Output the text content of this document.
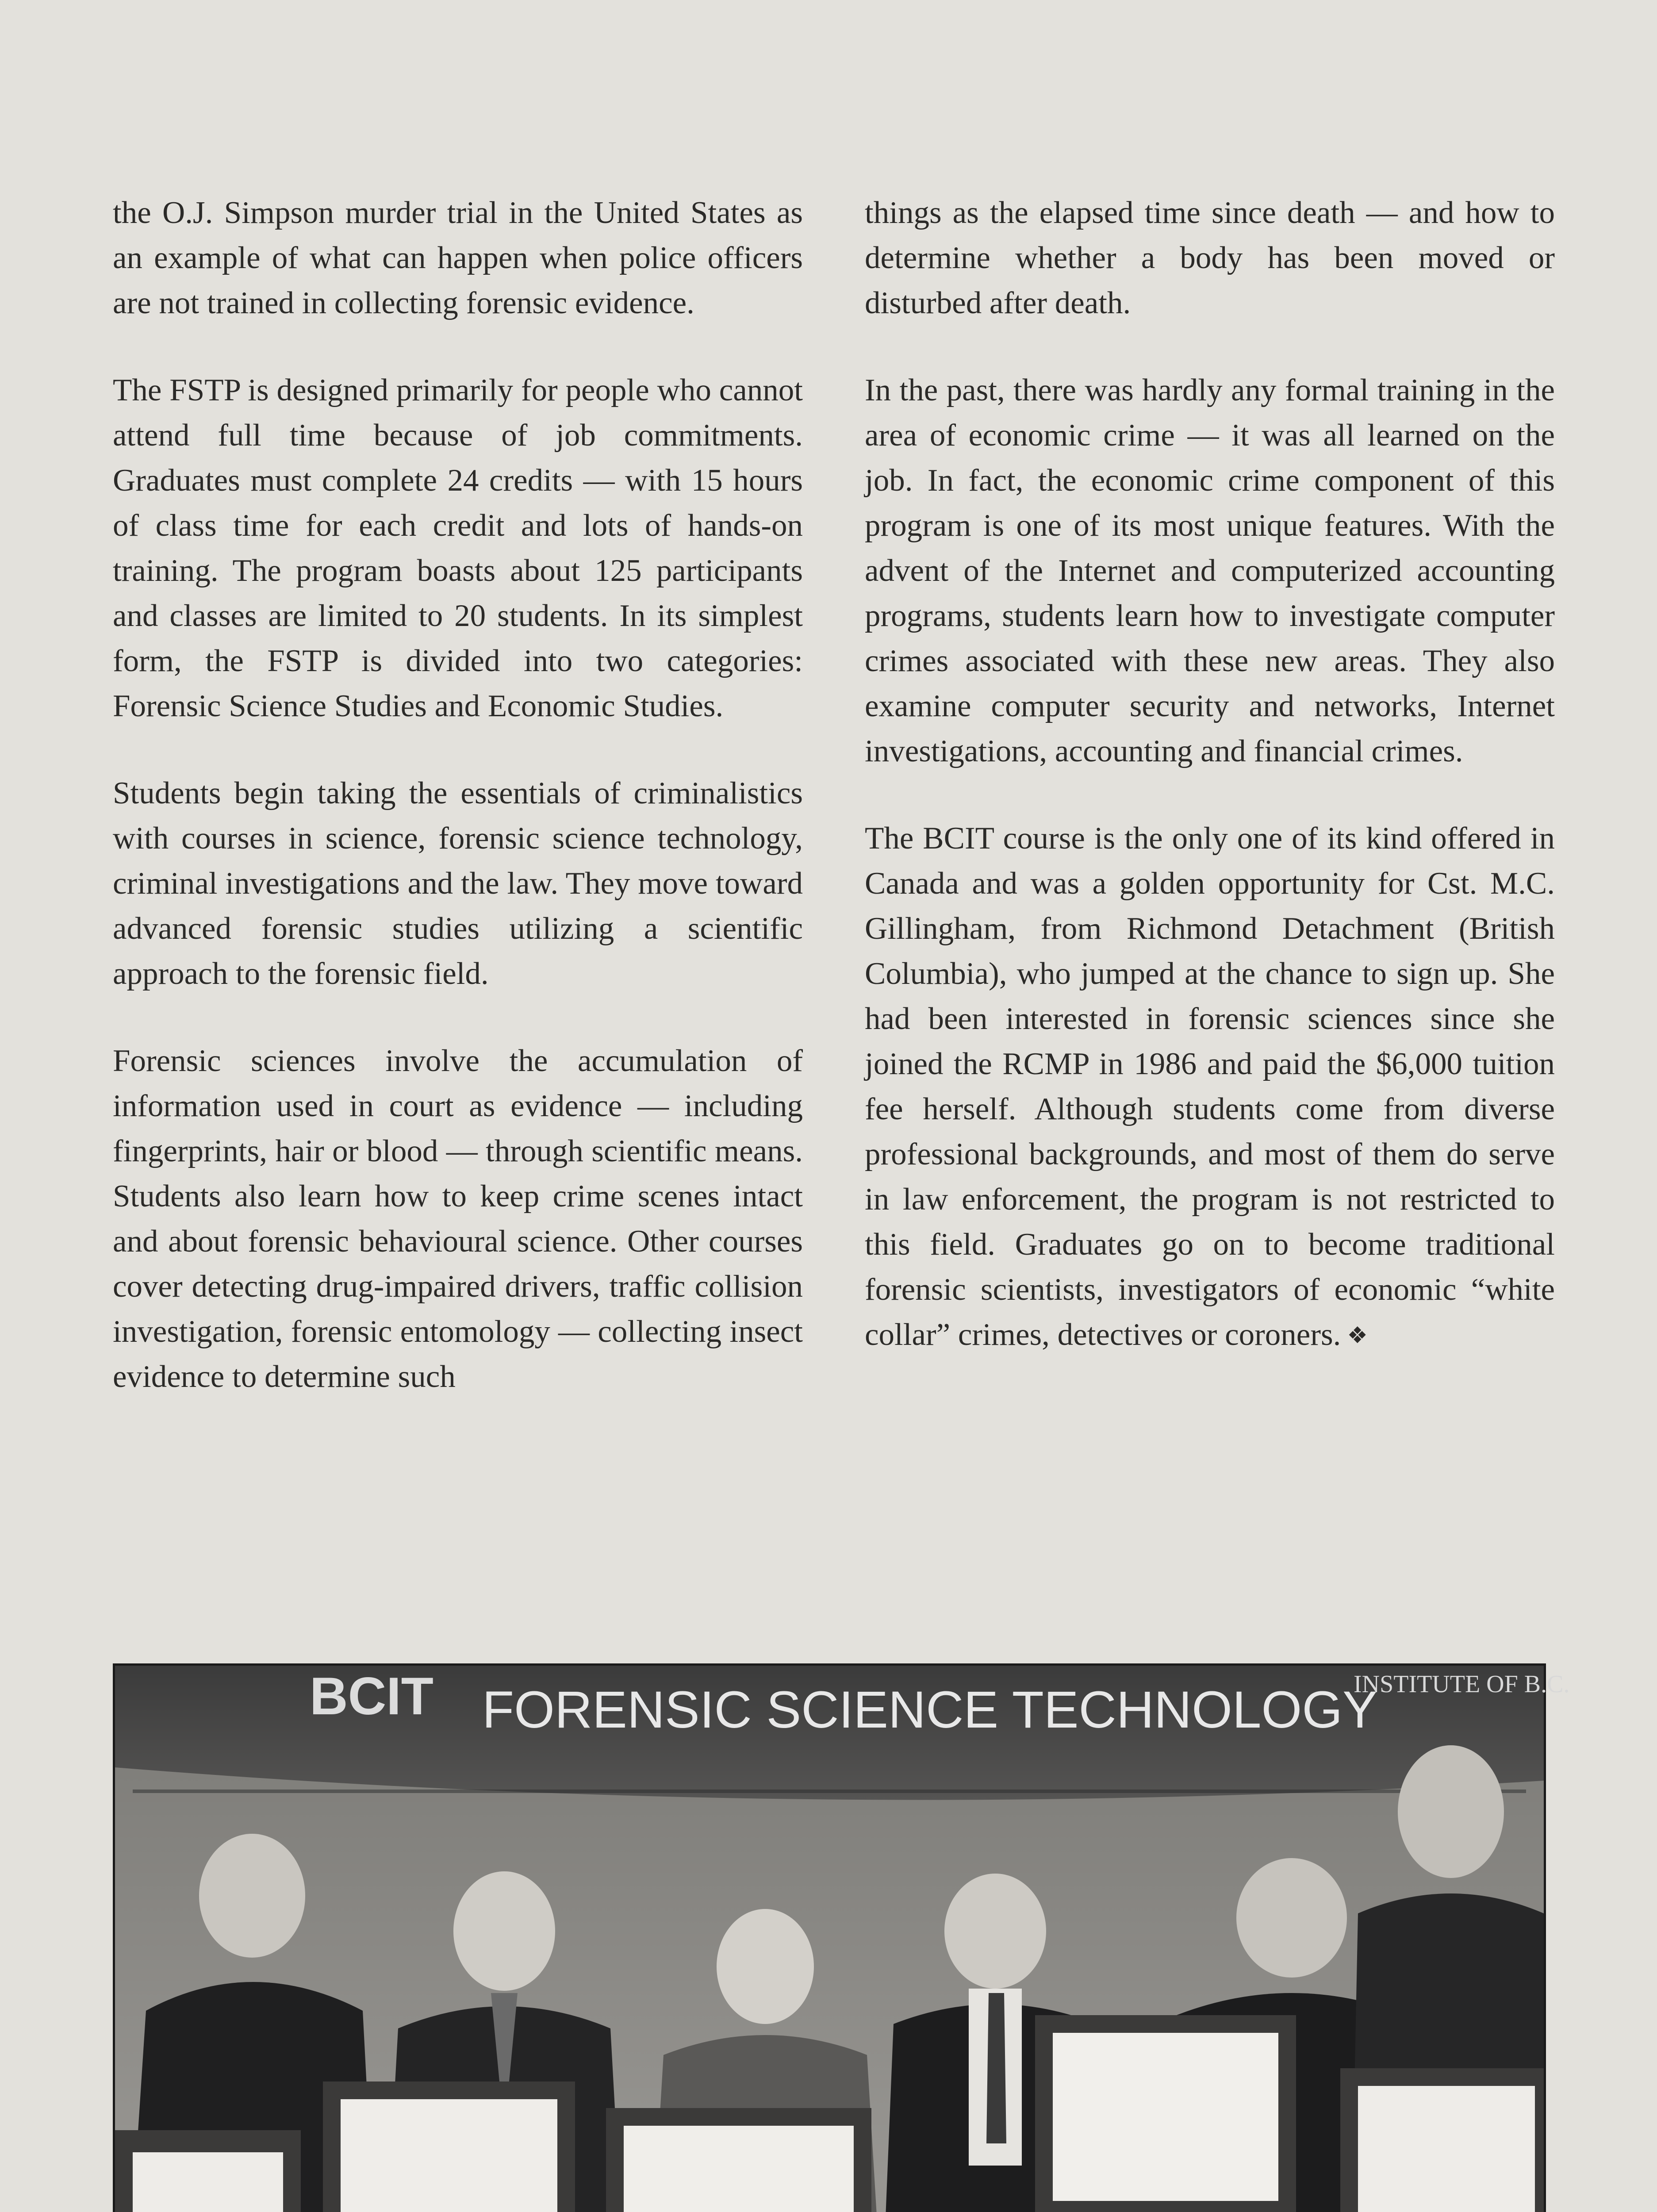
the O.J. Simpson murder trial in the United States as an example of what can happen when police officers are not trained in collecting forensic evidence.

The FSTP is designed primarily for people who cannot attend full time because of job commitments. Graduates must complete 24 credits — with 15 hours of class time for each credit and lots of hands-on training. The program boasts about 125 participants and classes are limited to 20 students. In its simplest form, the FSTP is divided into two categories: Forensic Science Studies and Economic Studies.

Students begin taking the essentials of criminalistics with courses in science, forensic science technology, criminal investigations and the law. They move toward advanced forensic studies utilizing a scientific approach to the forensic field.

Forensic sciences involve the accumulation of information used in court as evidence — including fingerprints, hair or blood — through scientific means. Students also learn how to keep crime scenes intact and about forensic behavioural science. Other courses cover detecting drug-impaired drivers, traffic collision investigation, forensic entomology — collecting insect evidence to determine such

things as the elapsed time since death — and how to determine whether a body has been moved or disturbed after death.

In the past, there was hardly any formal training in the area of economic crime — it was all learned on the job. In fact, the economic crime component of this program is one of its most unique features. With the advent of the Internet and computerized accounting programs, students learn how to investigate computer crimes associated with these new areas. They also examine computer security and networks, Internet investigations, accounting and financial crimes.

The BCIT course is the only one of its kind offered in Canada and was a golden opportunity for Cst. M.C. Gillingham, from Richmond Detachment (British Columbia), who jumped at the chance to sign up. She had been interested in forensic sciences since she joined the RCMP in 1986 and paid the $6,000 tuition fee herself. Although students come from diverse professional backgrounds, and most of them do serve in law enforcement, the program is not restricted to this field. Graduates go on to become traditional forensic scientists, investigators of economic “white collar” crimes, detectives or coroners. ❖

BCIT FORENSIC SCIENCE TECHNOLOGY
INSTITUTE OF B.C.
